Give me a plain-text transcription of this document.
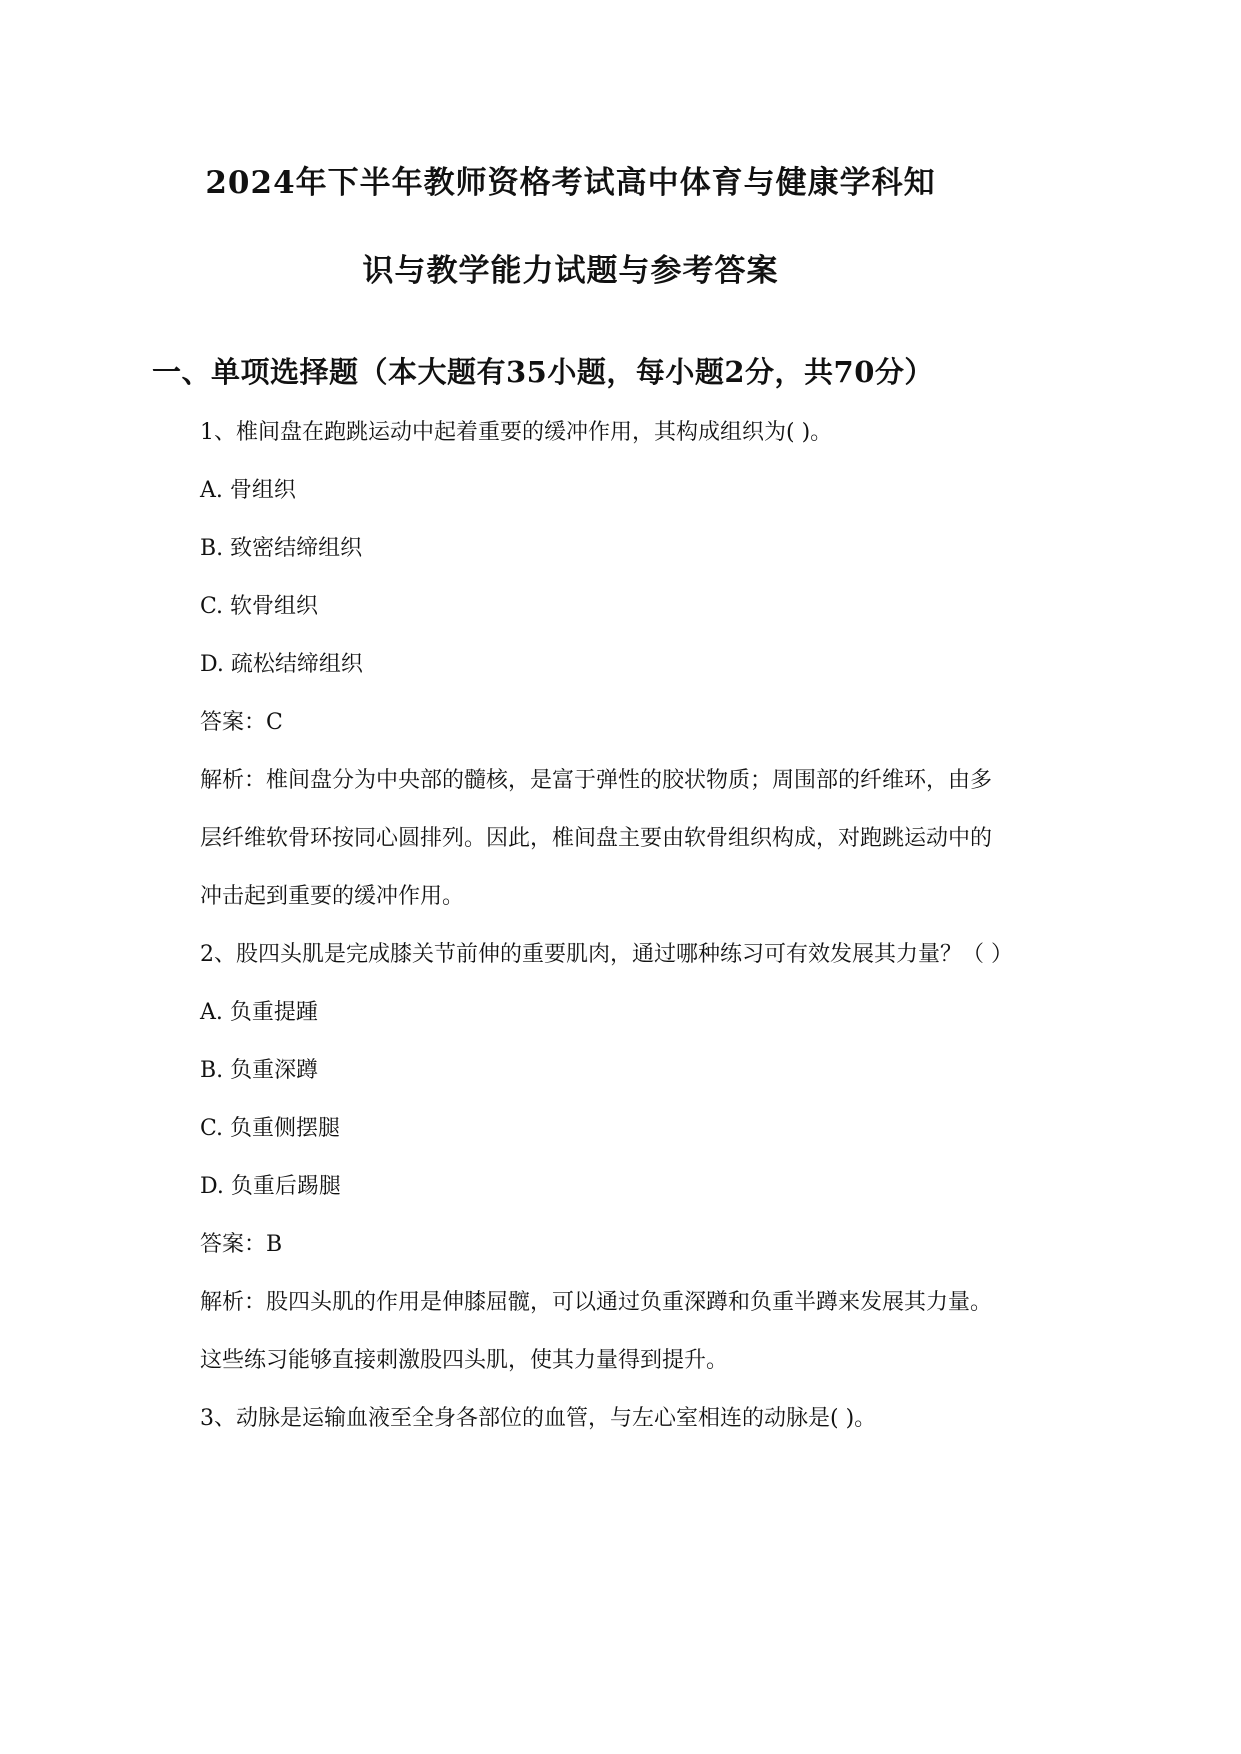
2024年下半年教师资格考试高中体育与健康学科知
识与教学能力试题与参考答案
一、单项选择题（本大题有35小题，每小题2分，共70分）
1、椎间盘在跑跳运动中起着重要的缓冲作用，其构成组织为( )。
A. 骨组织
B. 致密结缔组织
C. 软骨组织
D. 疏松结缔组织
答案：C
解析：椎间盘分为中央部的髓核，是富于弹性的胶状物质；周围部的纤维环，由多
层纤维软骨环按同心圆排列。因此，椎间盘主要由软骨组织构成，对跑跳运动中的
冲击起到重要的缓冲作用。
2、股四头肌是完成膝关节前伸的重要肌肉，通过哪种练习可有效发展其力量？（ ）
A. 负重提踵
B. 负重深蹲
C. 负重侧摆腿
D. 负重后踢腿
答案：B
解析：股四头肌的作用是伸膝屈髋，可以通过负重深蹲和负重半蹲来发展其力量。
这些练习能够直接刺激股四头肌，使其力量得到提升。
3、动脉是运输血液至全身各部位的血管，与左心室相连的动脉是( )。
